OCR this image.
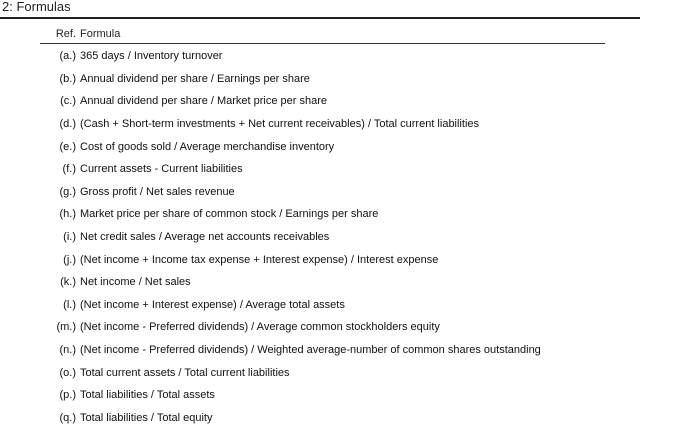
2: Formulas
Ref. Formula
(a.) 365 days / Inventory turnover
(b.) Annual dividend per share / Earnings per share
(c.) Annual dividend per share / Market price per share
(d.) (Cash + Short-term investments + Net current receivables) / Total current liabilities
(e.) Cost of goods sold / Average merchandise inventory
(f.) Current assets - Current liabilities
(g.) Gross profit / Net sales revenue
(h.) Market price per share of common stock / Earnings per share
(i.) Net credit sales / Average net accounts receivables
(j.) (Net income + Income tax expense + Interest expense) / Interest expense
(k.) Net income / Net sales
(l.) (Net income + Interest expense) / Average total assets
(m.) (Net income - Preferred dividends) / Average common stockholders equity
(n.) (Net income - Preferred dividends) / Weighted average-number of common shares outstanding
(o.) Total current assets / Total current liabilities
(p.) Total liabilities / Total assets
(q.) Total liabilities / Total equity
